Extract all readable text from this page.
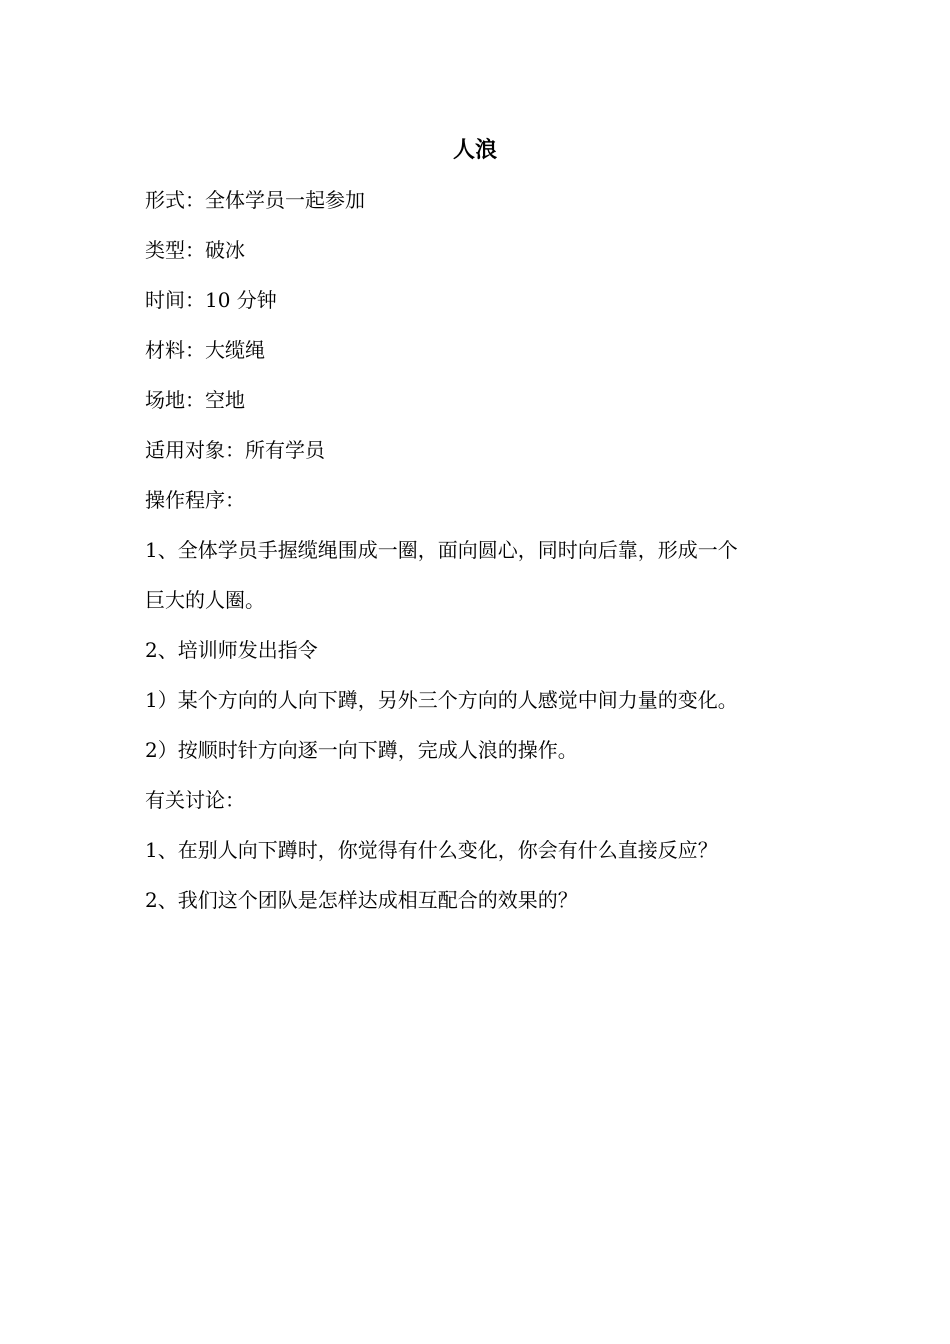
人浪
形式：全体学员一起参加
类型：破冰
时间：10 分钟
材料：大缆绳
场地：空地
适用对象：所有学员
操作程序：
1、全体学员手握缆绳围成一圈，面向圆心，同时向后靠，形成一个
巨大的人圈。
2、培训师发出指令
1）某个方向的人向下蹲，另外三个方向的人感觉中间力量的变化。
2）按顺时针方向逐一向下蹲，完成人浪的操作。
有关讨论：
1、在别人向下蹲时，你觉得有什么变化，你会有什么直接反应？
2、我们这个团队是怎样达成相互配合的效果的？
